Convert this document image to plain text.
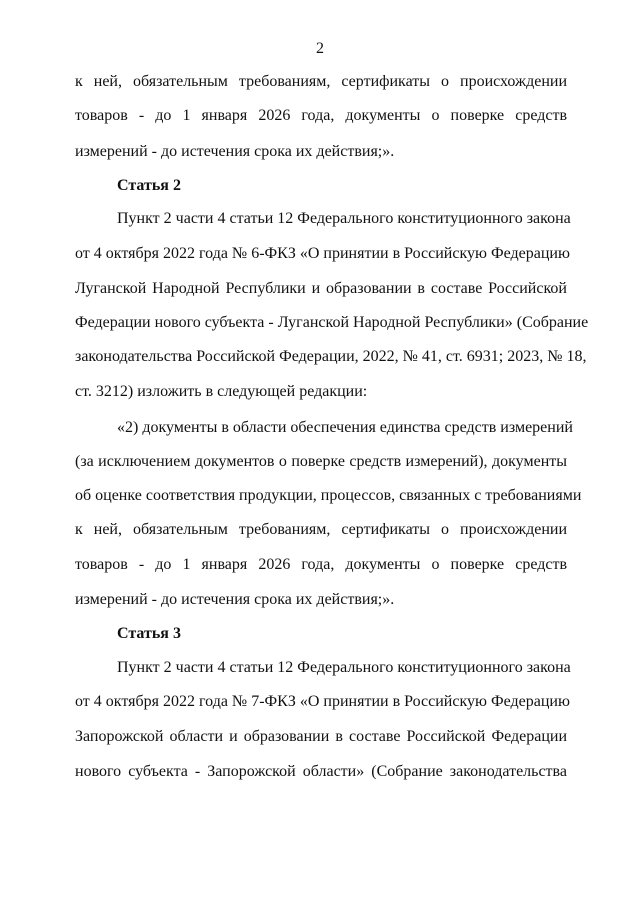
2
к ней, обязательным требованиям, сертификаты о происхождении
товаров - до 1 января 2026 года, документы о поверке средств
измерений - до истечения срока их действия;».
Статья 2
Пункт 2 части 4 статьи 12 Федерального конституционного закона
от 4 октября 2022 года № 6-ФКЗ «О принятии в Российскую Федерацию
Луганской Народной Республики и образовании в составе Российской
Федерации нового субъекта - Луганской Народной Республики» (Собрание
законодательства Российской Федерации, 2022, № 41, ст. 6931; 2023, № 18,
ст. 3212) изложить в следующей редакции:
«2) документы в области обеспечения единства средств измерений
(за исключением документов о поверке средств измерений), документы
об оценке соответствия продукции, процессов, связанных с требованиями
к ней, обязательным требованиям, сертификаты о происхождении
товаров - до 1 января 2026 года, документы о поверке средств
измерений - до истечения срока их действия;».
Статья 3
Пункт 2 части 4 статьи 12 Федерального конституционного закона
от 4 октября 2022 года № 7-ФКЗ «О принятии в Российскую Федерацию
Запорожской области и образовании в составе Российской Федерации
нового субъекта - Запорожской области» (Собрание законодательства
